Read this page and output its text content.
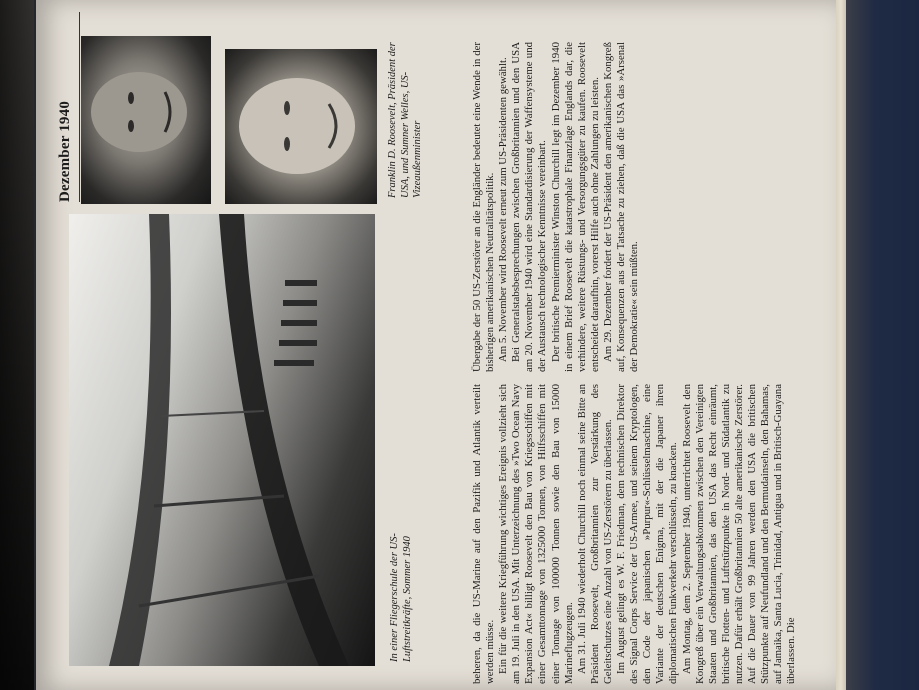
Dezember 1940
In einer Fliegerschule der US-Luftstreitkräfte, Sommer 1940
Franklin D. Roosevelt, Präsident der USA, und Sumner Welles, US-Vizeaußenminister

beheren, da die US-Marine auf den Pazifik und Atlantik verteilt werden müsse. Ein für die weitere Kriegführung wichtiges Ereignis vollzieht sich am 19. Juli in den USA. Mit Unterzeichnung des »Two Ocean Navy Expansion Act« billigt Roosevelt den Bau von Kriegsschiffen mit einer Gesamttonnage von 1325000 Tonnen, von Hilfsschiffen mit einer Tonnage von 100000 Tonnen sowie den Bau von 15000 Marineflugzeugen. Am 31. Juli 1940 wiederholt Churchill noch einmal seine Bitte an Präsident Roosevelt, Großbritannien zur Verstärkung des Geleitschutzes eine Anzahl von US-Zerstörern zu überlassen. Im August gelingt es W. F. Friedman, dem technischen Direktor des Signal Corps Service der US-Armee, und seinem Kryptologen, den Code der japanischen »Purpur«-Schlüsselmaschine, eine Variante der deutschen Enigma, mit der die Japaner ihren diplomatischen Funkverkehr verschlüsseln, zu knacken. Am Montag, dem 2. September 1940, unterrichtet Roosevelt den Kongreß über ein Verwaltungsabkommen zwischen den Vereinigten Staaten und Großbritannien, das den USA das Recht einräumt, britische Flotten- und Luftstützpunkte in Nord- und Südatlantik zu nutzen. Dafür erhält Großbritannien 50 alte amerikanische Zerstörer. Auf die Dauer von 99 Jahren werden den USA die britischen Stützpunkte auf Neufundland und den Bermudainseln, den Bahamas, auf Jamaika, Santa Lucia, Trinidad, Antigua und in Britisch-Guayana überlassen. Die

Übergabe der 50 US-Zerstörer an die Engländer bedeutet eine Wende in der bisherigen amerikanischen Neutralitätspolitik. Am 5. November wird Roosevelt erneut zum US-Präsidenten gewählt. Bei Generalstabsbesprechungen zwischen Großbritannien und den USA am 20. November 1940 wird eine Standardisierung der Waffensysteme und der Austausch technologischer Kenntnisse vereinbart. Der britische Premierminister Winston Churchill legt im Dezember 1940 in einem Brief Roosevelt die katastrophale Finanzlage Englands dar, die verhindere, weitere Rüstungs- und Versorgungsgüter zu kaufen. Roosevelt entscheidet daraufhin, vorerst Hilfe auch ohne Zahlungen zu leisten. Am 29. Dezember fordert der US-Präsident den amerikanischen Kongreß auf, Konsequenzen aus der Tatsache zu ziehen, daß die USA das »Arsenal der Demokratie« sein müßten.
